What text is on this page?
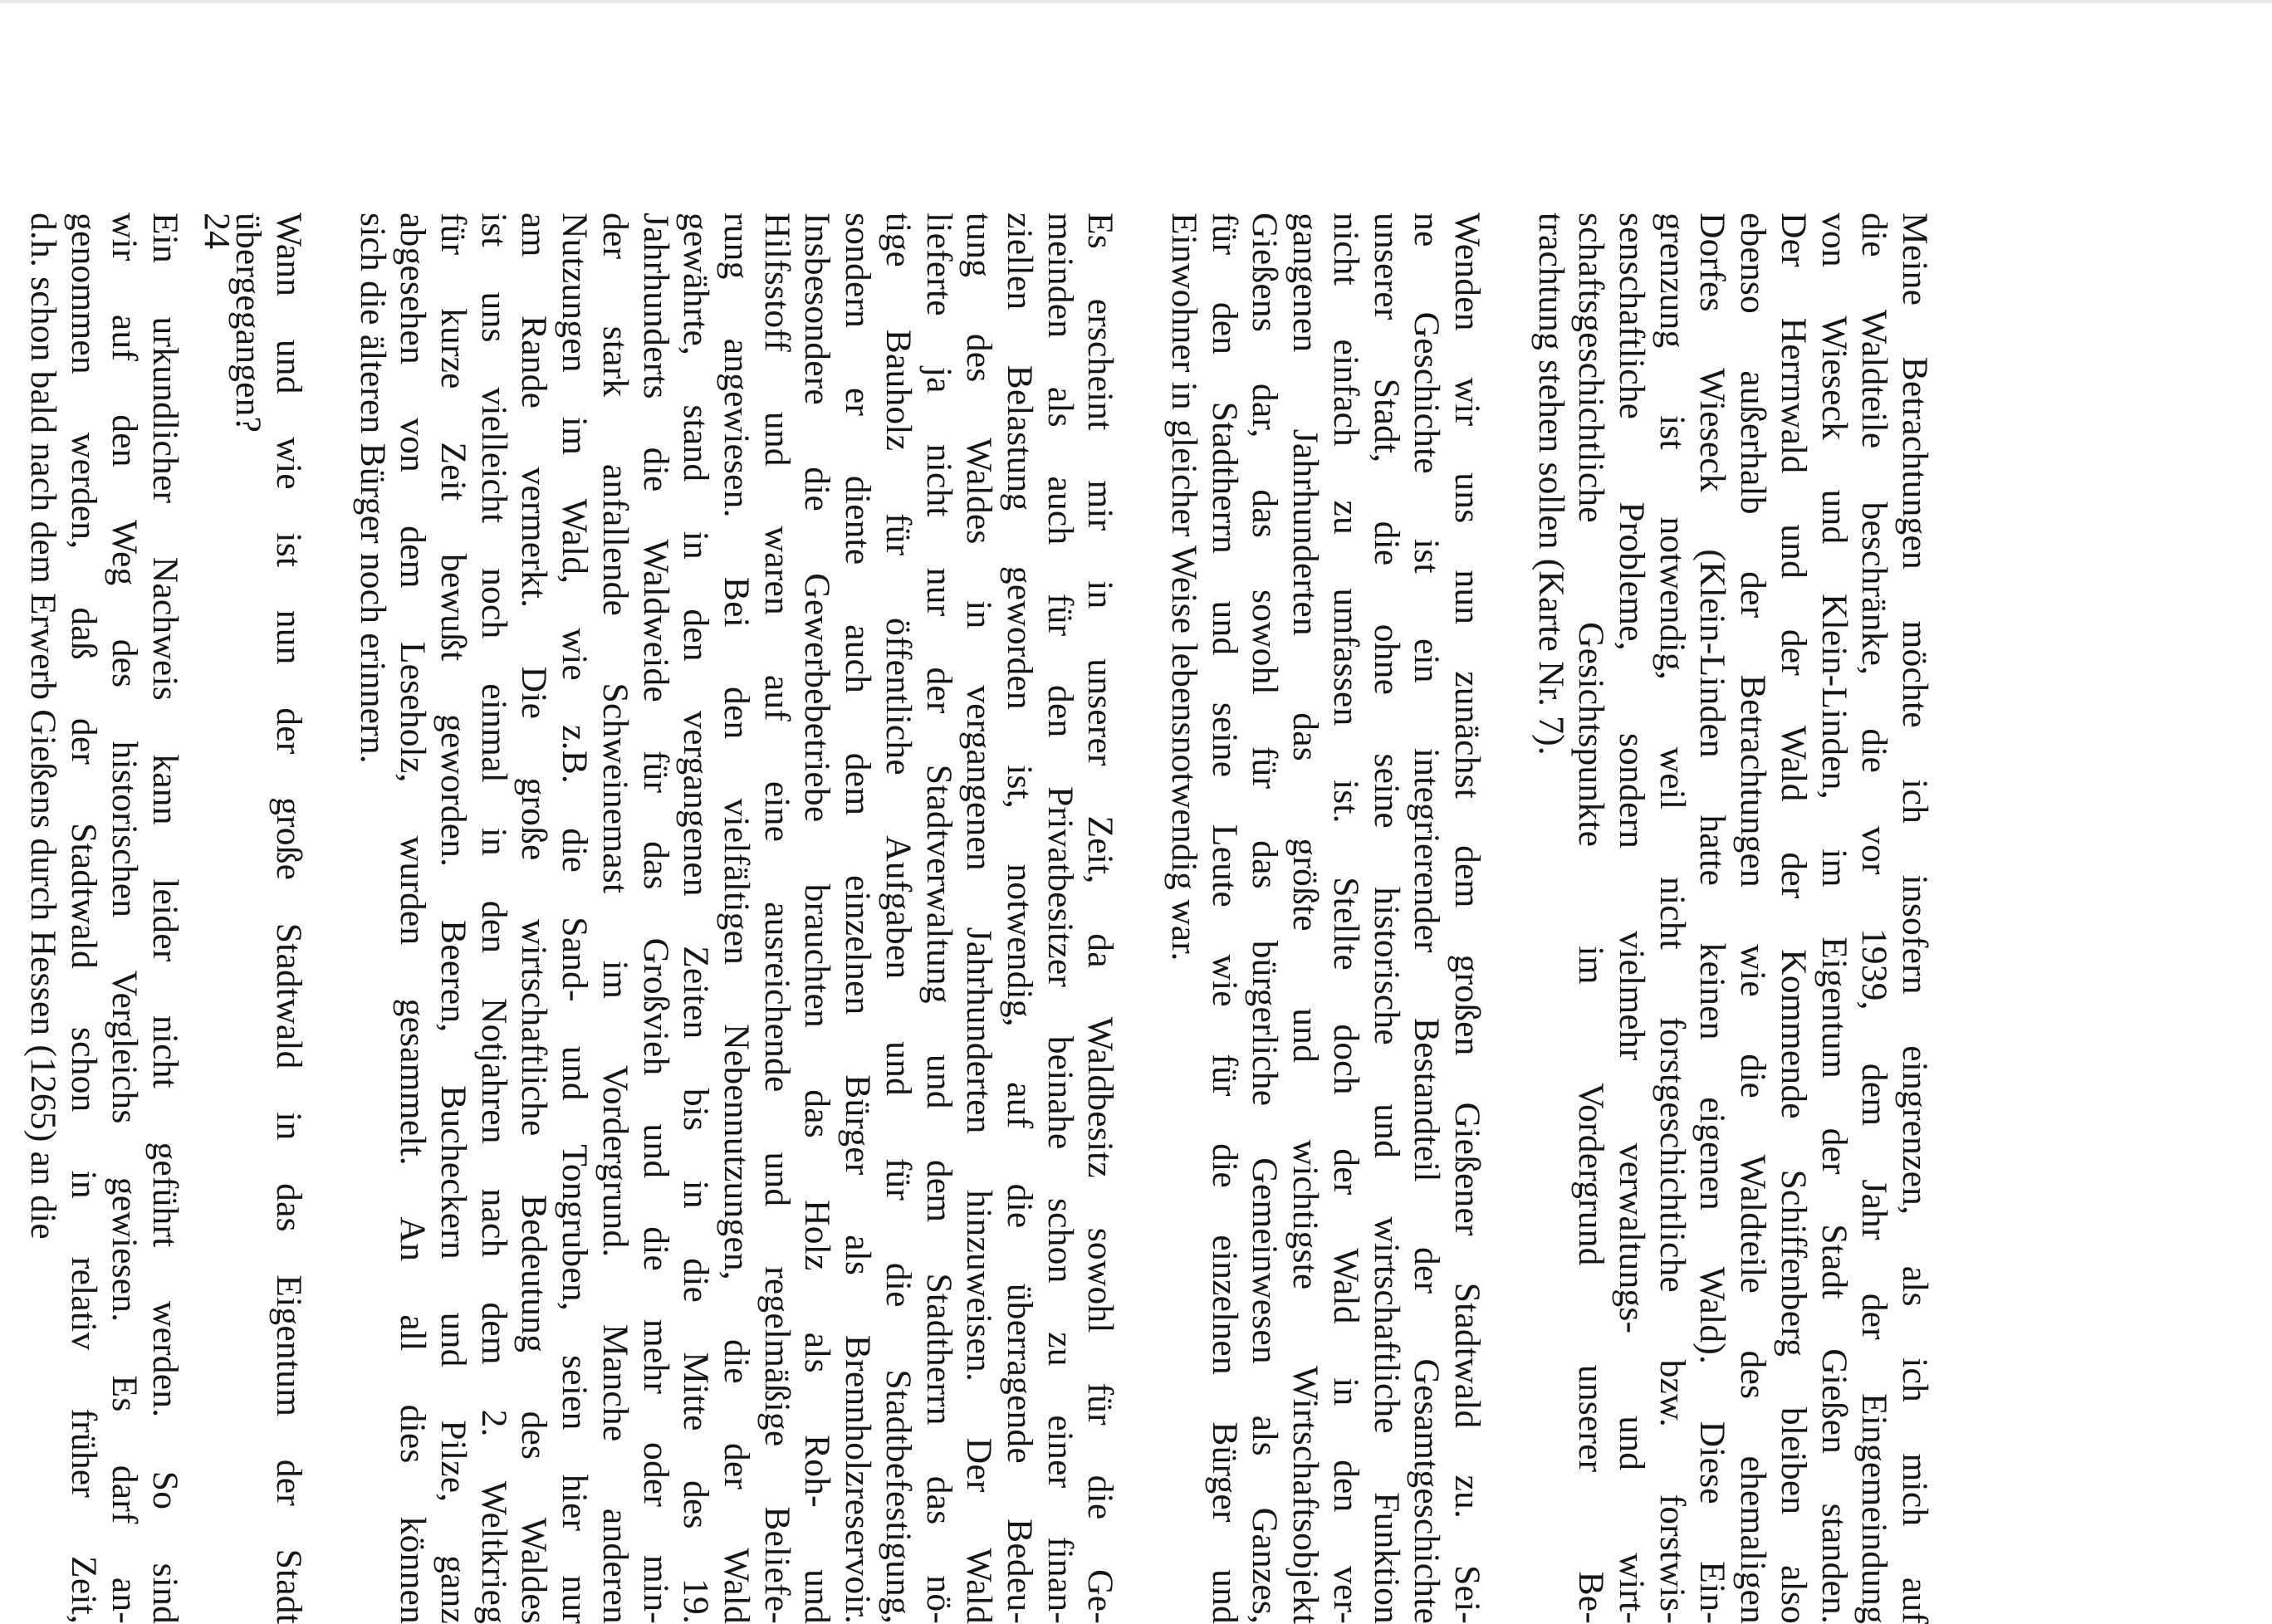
Meine Betrachtungen möchte ich insofern eingrenzen, als ich mich auf
die Waldteile beschränke, die vor 1939, dem Jahr der Eingemeindung
von Wieseck und Klein-Linden, im Eigentum der Stadt Gießen standen.
Der Herrnwald und der Wald der Kommende Schiffenberg bleiben also
ebenso außerhalb der Betrachtungen wie die Waldteile des ehemaligen
Dorfes Wieseck (Klein-Linden hatte keinen eigenen Wald). Diese Ein-
grenzung ist notwendig, weil nicht forstgeschichtliche bzw. forstwis-
senschaftliche Probleme, sondern vielmehr verwaltungs- und wirt-
schaftsgeschichtliche Gesichtspunkte im Vordergrund unserer Be-
trachtung stehen sollen (Karte Nr. 7).
Wenden wir uns nun zunächst dem großen Gießener Stadtwald zu. Sei-
ne Geschichte ist ein integrierender Bestandteil der Gesamtgeschichte
unserer Stadt, die ohne seine historische und wirtschaftliche Funktion
nicht einfach zu umfassen ist. Stellte doch der Wald in den ver-
gangenen Jahrhunderten das größte und wichtigste Wirtschaftsobjekt
Gießens dar, das sowohl für das bürgerliche Gemeinwesen als Ganzes,
für den Stadtherrn und seine Leute wie für die einzelnen Bürger und
Einwohner in gleicher Weise lebensnotwendig war.
Es erscheint mir in unserer Zeit, da Waldbesitz sowohl für die Ge-
meinden als auch für den Privatbesitzer beinahe schon zu einer finan-
ziellen Belastung geworden ist, notwendig, auf die überragende Bedeu-
tung des Waldes in vergangenen Jahrhunderten hinzuweisen. Der Wald
lieferte ja nicht nur der Stadtverwaltung und dem Stadtherrn das nö-
tige Bauholz für öffentliche Aufgaben und für die Stadtbefestigung,
sondern er diente auch dem einzelnen Bürger als Brennholzreservoir.
Insbesondere die Gewerbebetriebe brauchten das Holz als Roh- und
Hilfsstoff und waren auf eine ausreichende und regelmäßige Beliefe-
rung angewiesen. Bei den vielfältigen Nebennutzungen, die der Wald
gewährte, stand in den vergangenen Zeiten bis in die Mitte des 19.
Jahrhunderts die Waldweide für das Großvieh und die mehr oder min-
der stark anfallende Schweinemast im Vordergrund. Manche anderen
Nutzungen im Wald, wie z.B. die Sand- und Tongruben, seien hier nur
am Rande vermerkt. Die große wirtschaftliche Bedeutung des Waldes
ist uns vielleicht noch einmal in den Notjahren nach dem 2. Weltkrieg
für kurze Zeit bewußt geworden. Beeren, Bucheckern und Pilze, ganz
abgesehen von dem Leseholz, wurden gesammelt. An all dies können
sich die älteren Bürger noch erinnern.
Wann und wie ist nun der große Stadtwald in das Eigentum der Stadt
übergegangen?
Ein urkundlicher Nachweis kann leider nicht geführt werden. So sind
wir auf den Weg des historischen Vergleichs gewiesen. Es darf an-
genommen werden, daß der Stadtwald schon in relativ früher Zeit,
d.h. schon bald nach dem Erwerb Gießens durch Hessen (1265) an die	24
